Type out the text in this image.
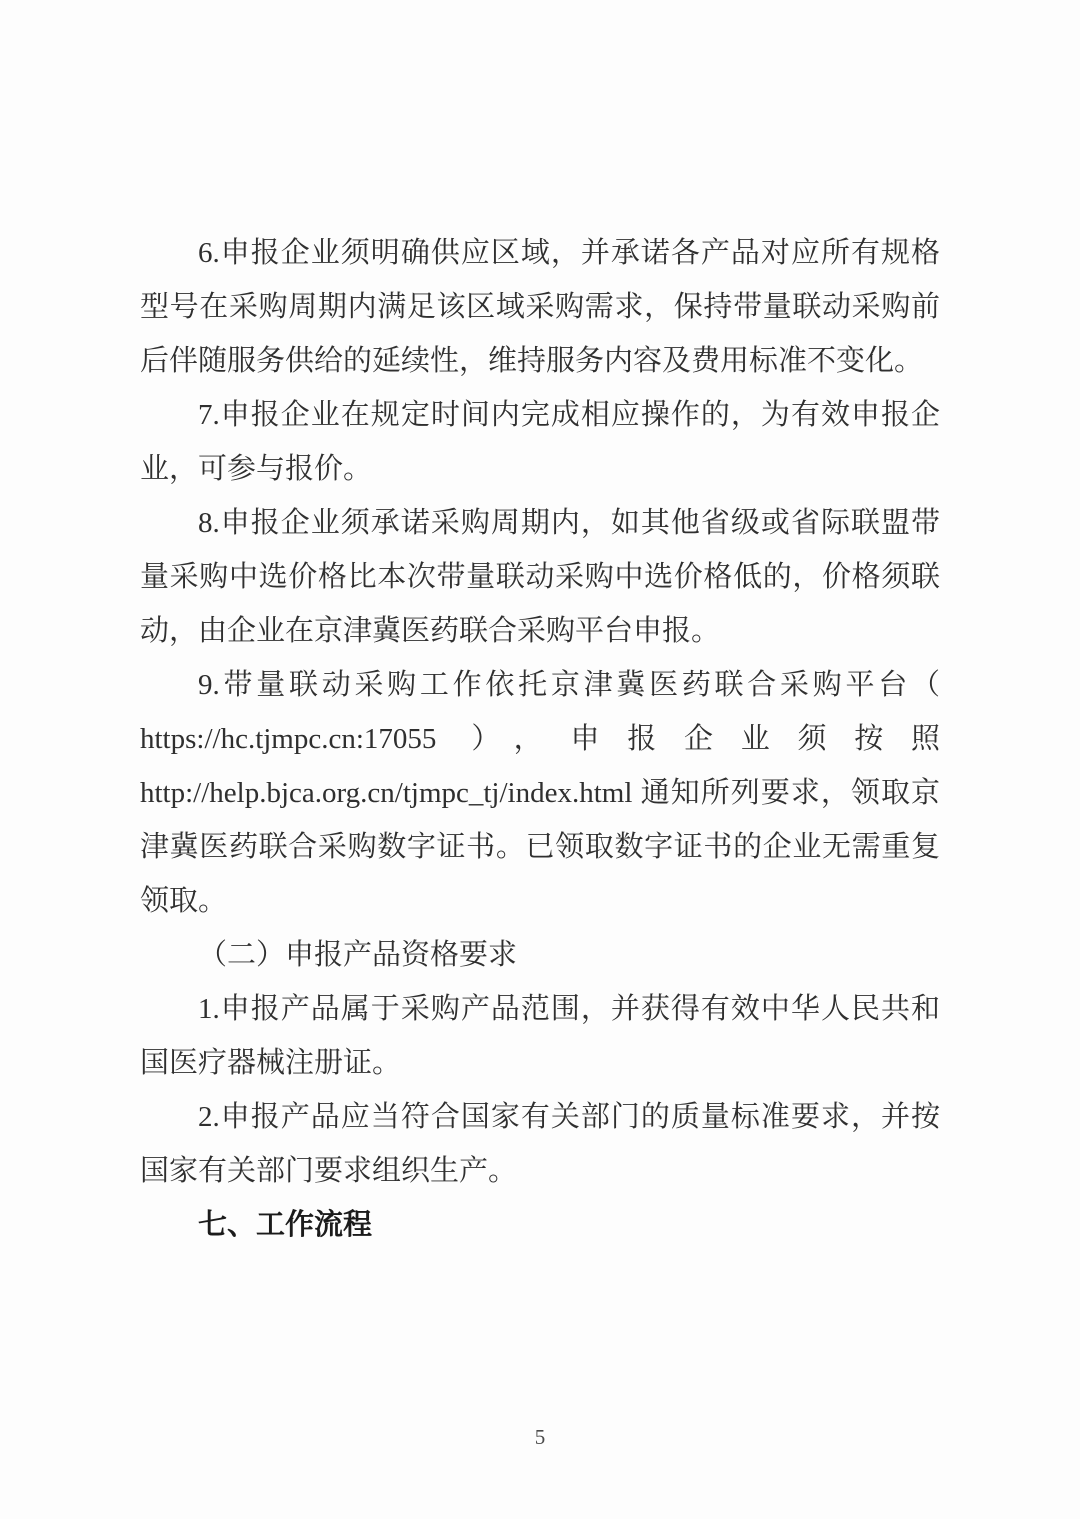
6.申报企业须明确供应区域，并承诺各产品对应所有规格型号在采购周期内满足该区域采购需求，保持带量联动采购前后伴随服务供给的延续性，维持服务内容及费用标准不变化。

7.申报企业在规定时间内完成相应操作的，为有效申报企业，可参与报价。

8.申报企业须承诺采购周期内，如其他省级或省际联盟带量采购中选价格比本次带量联动采购中选价格低的，价格须联动，由企业在京津冀医药联合采购平台申报。

9.带量联动采购工作依托京津冀医药联合采购平台（ https://hc.tjmpc.cn:17055 ），申报企业须按照 http://help.bjca.org.cn/tjmpc_tj/index.html 通知所列要求，领取京津冀医药联合采购数字证书。已领取数字证书的企业无需重复领取。

（二）申报产品资格要求

1.申报产品属于采购产品范围，并获得有效中华人民共和国医疗器械注册证。

2.申报产品应当符合国家有关部门的质量标准要求，并按国家有关部门要求组织生产。

七、工作流程

5
